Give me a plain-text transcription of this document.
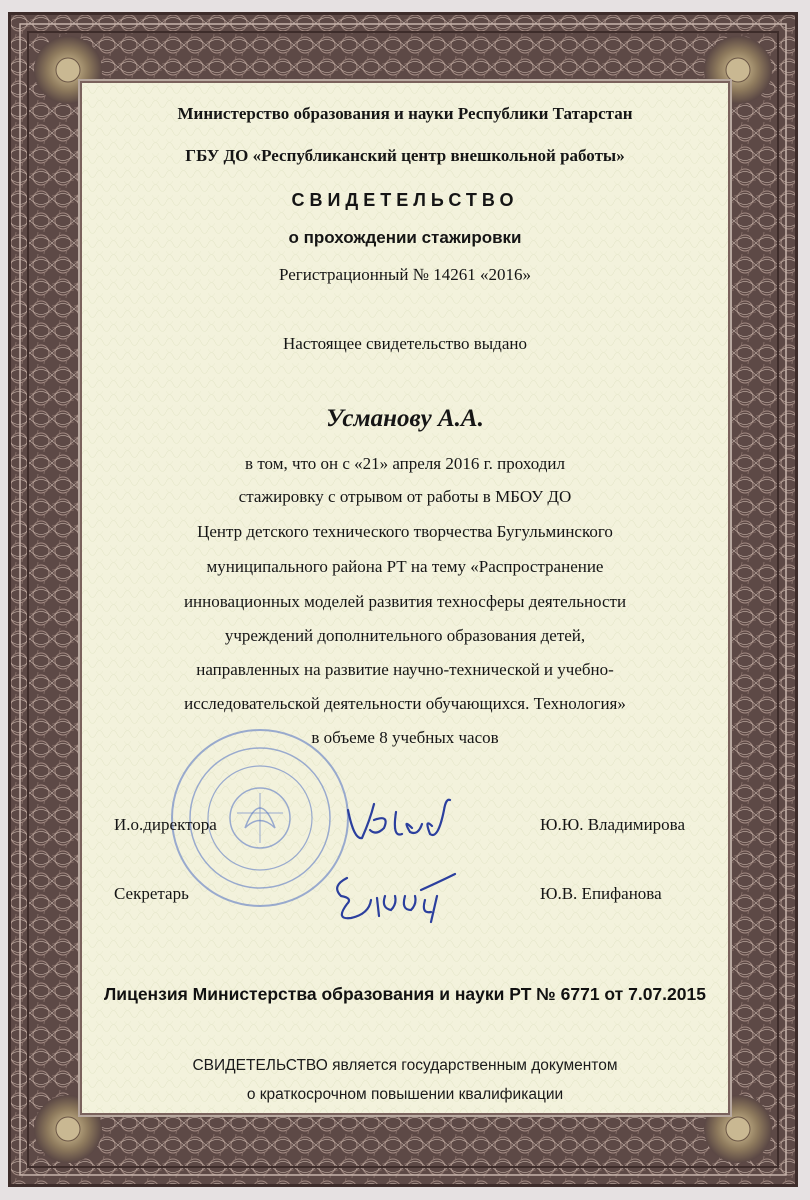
Министерство образования и науки Республики Татарстан
ГБУ ДО «Республиканский центр внешкольной работы»
СВИДЕТЕЛЬСТВО
о прохождении стажировки
Регистрационный № 14261 «2016»
Настоящее свидетельство выдано
Усманову А.А.
в том, что он с «21» апреля 2016 г. проходил
стажировку с отрывом от работы в МБОУ ДО
Центр детского технического творчества Бугульминского
муниципального района РТ на тему «Распространение
инновационных моделей развития техносферы деятельности
учреждений дополнительного образования детей,
направленных на развитие научно-технической и учебно-
исследовательской деятельности обучающихся. Технология»
в объеме 8 учебных часов
И.о.директора	Ю.Ю. Владимирова
Секретарь	Ю.В. Епифанова
Лицензия Министерства образования и науки РТ № 6771 от 7.07.2015
СВИДЕТЕЛЬСТВО является государственным документом
о краткосрочном повышении квалификации
